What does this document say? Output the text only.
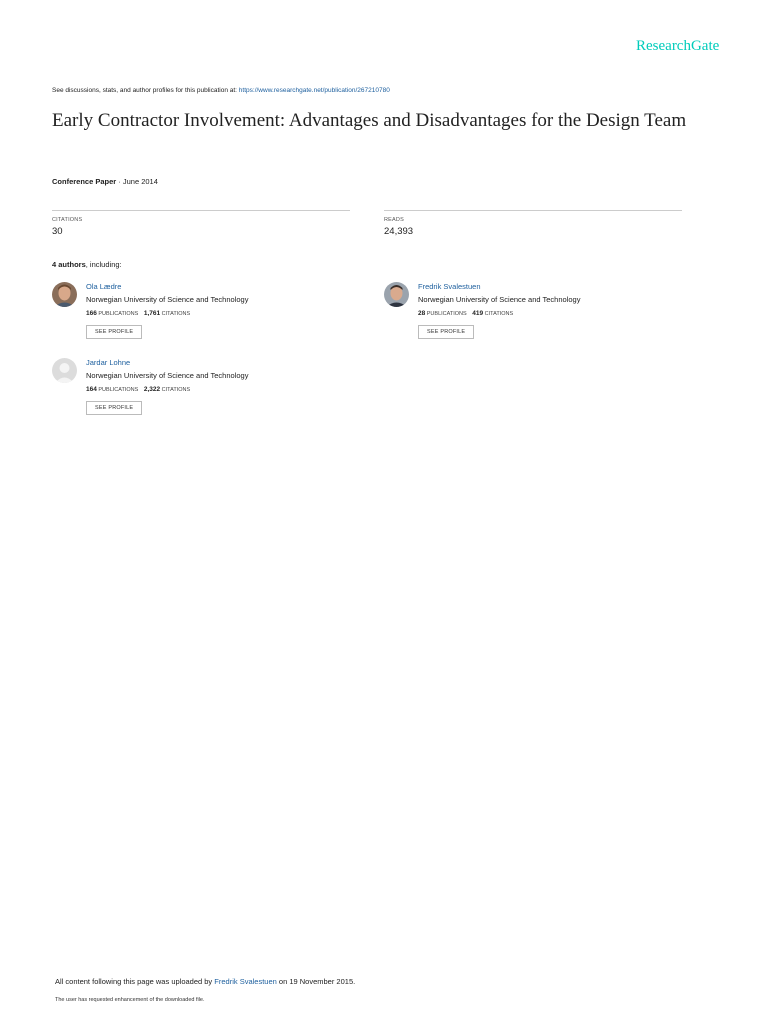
ResearchGate
See discussions, stats, and author profiles for this publication at: https://www.researchgate.net/publication/267210780
Early Contractor Involvement: Advantages and Disadvantages for the Design Team
Conference Paper · June 2014
CITATIONS
30
READS
24,393
4 authors, including:
Ola Lædre
Norwegian University of Science and Technology
166 PUBLICATIONS 1,761 CITATIONS
SEE PROFILE
Fredrik Svalestuen
Norwegian University of Science and Technology
28 PUBLICATIONS 419 CITATIONS
SEE PROFILE
Jardar Lohne
Norwegian University of Science and Technology
164 PUBLICATIONS 2,322 CITATIONS
SEE PROFILE
All content following this page was uploaded by Fredrik Svalestuen on 19 November 2015.
The user has requested enhancement of the downloaded file.
